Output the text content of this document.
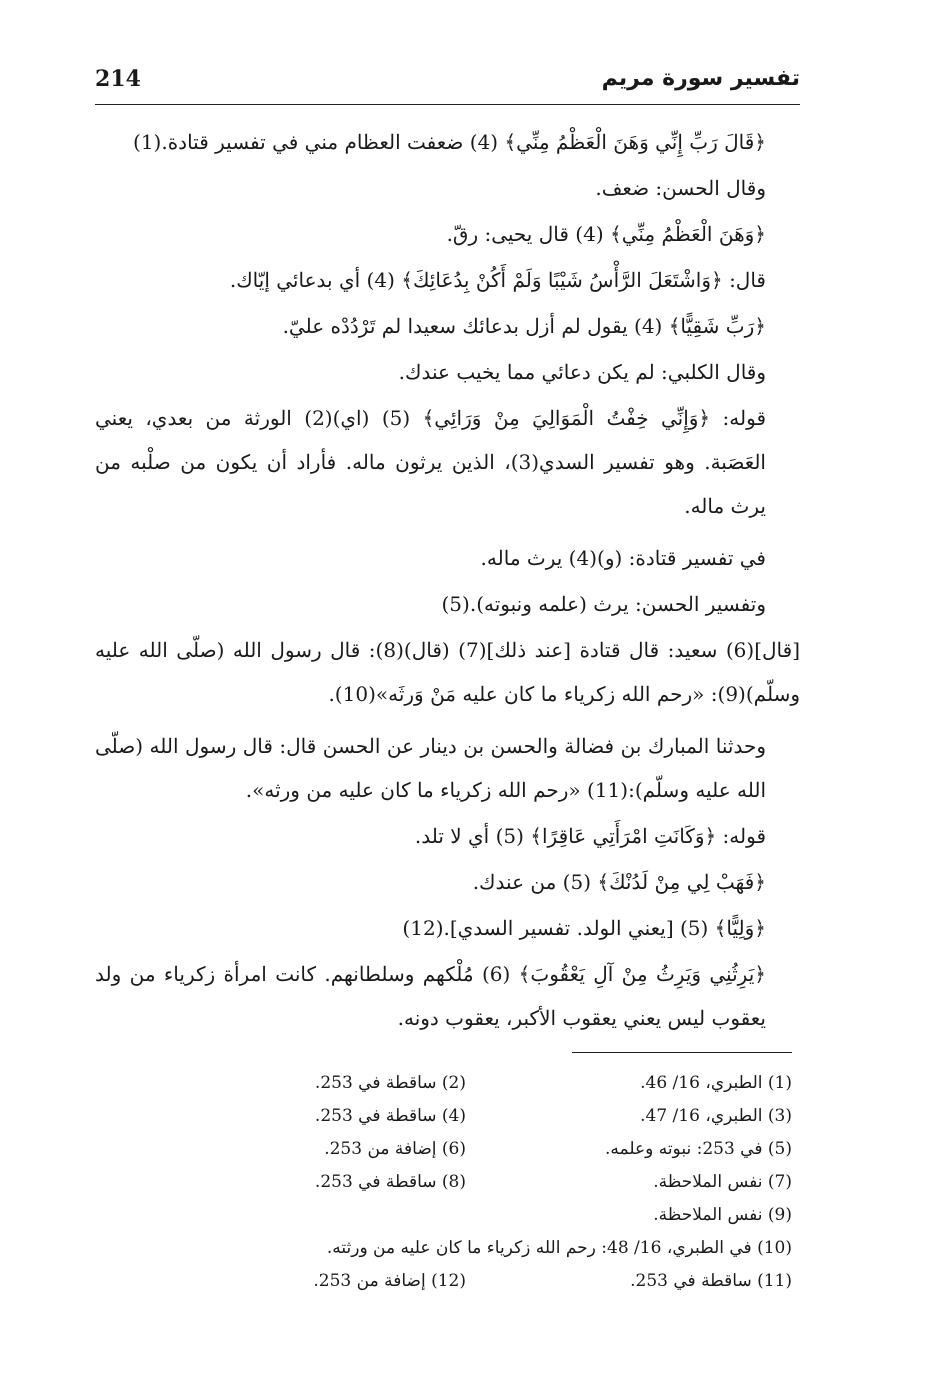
تفسير سورة مريم
214

﴿قَالَ رَبِّ إِنِّي وَهَنَ الْعَظْمُ مِنِّي﴾ (4) ضعفت العظام مني في تفسير قتادة.(1)

وقال الحسن: ضعف.

﴿وَهَنَ الْعَظْمُ مِنِّي﴾ (4) قال يحيى: رقّ.

قال: ﴿وَاشْتَعَلَ الرَّأْسُ شَيْبًا وَلَمْ أَكُنْ بِدُعَائِكَ﴾ (4) أي بدعائي إيّاك.

﴿رَبِّ شَقِيًّا﴾ (4) يقول لم أزل بدعائك سعيدا لم تَرْدُدْه عليّ.

وقال الكلبي: لم يكن دعائي مما يخيب عندك.

قوله: ﴿وَإِنِّي خِفْتُ الْمَوَالِيَ مِنْ وَرَائِي﴾ (5) (اي)(2) الورثة من بعدي، يعني العَصَبة. وهو تفسير السدي(3)، الذين يرثون ماله. فأراد أن يكون من صلْبه من يرث ماله.

في تفسير قتادة: (و)(4) يرث ماله.

وتفسير الحسن: يرث (علمه ونبوته).(5)

[قال](6) سعيد: قال قتادة [عند ذلك](7) (قال)(8): قال رسول الله (صلّى الله عليه وسلّم)(9): «رحم الله زكرياء ما كان عليه مَنْ وَرثَه»(10).

وحدثنا المبارك بن فضالة والحسن بن دينار عن الحسن قال: قال رسول الله (صلّى الله عليه وسلّم):(11) «رحم الله زكرياء ما كان عليه من ورثه».

قوله: ﴿وَكَانَتِ امْرَأَتِي عَاقِرًا﴾ (5) أي لا تلد.

﴿فَهَبْ لِي مِنْ لَدُنْكَ﴾ (5) من عندك.

﴿وَلِيًّا﴾ (5) [يعني الولد. تفسير السدي].(12)

﴿يَرِثُنِي وَيَرِثُ مِنْ آلِ يَعْقُوبَ﴾ (6) مُلْكهم وسلطانهم. كانت امرأة زكرياء من ولد يعقوب ليس يعني يعقوب الأكبر، يعقوب دونه.

(1) الطبري، 16/ 46.
(2) ساقطة في 253.
(3) الطبري، 16/ 47.
(4) ساقطة في 253.
(5) في 253: نبوته وعلمه.
(6) إضافة من 253.
(7) نفس الملاحظة.
(8) ساقطة في 253.
(9) نفس الملاحظة.
(10) في الطبري، 16/ 48: رحم الله زكرياء ما كان عليه من ورثته.
(11) ساقطة في 253.
(12) إضافة من 253.
